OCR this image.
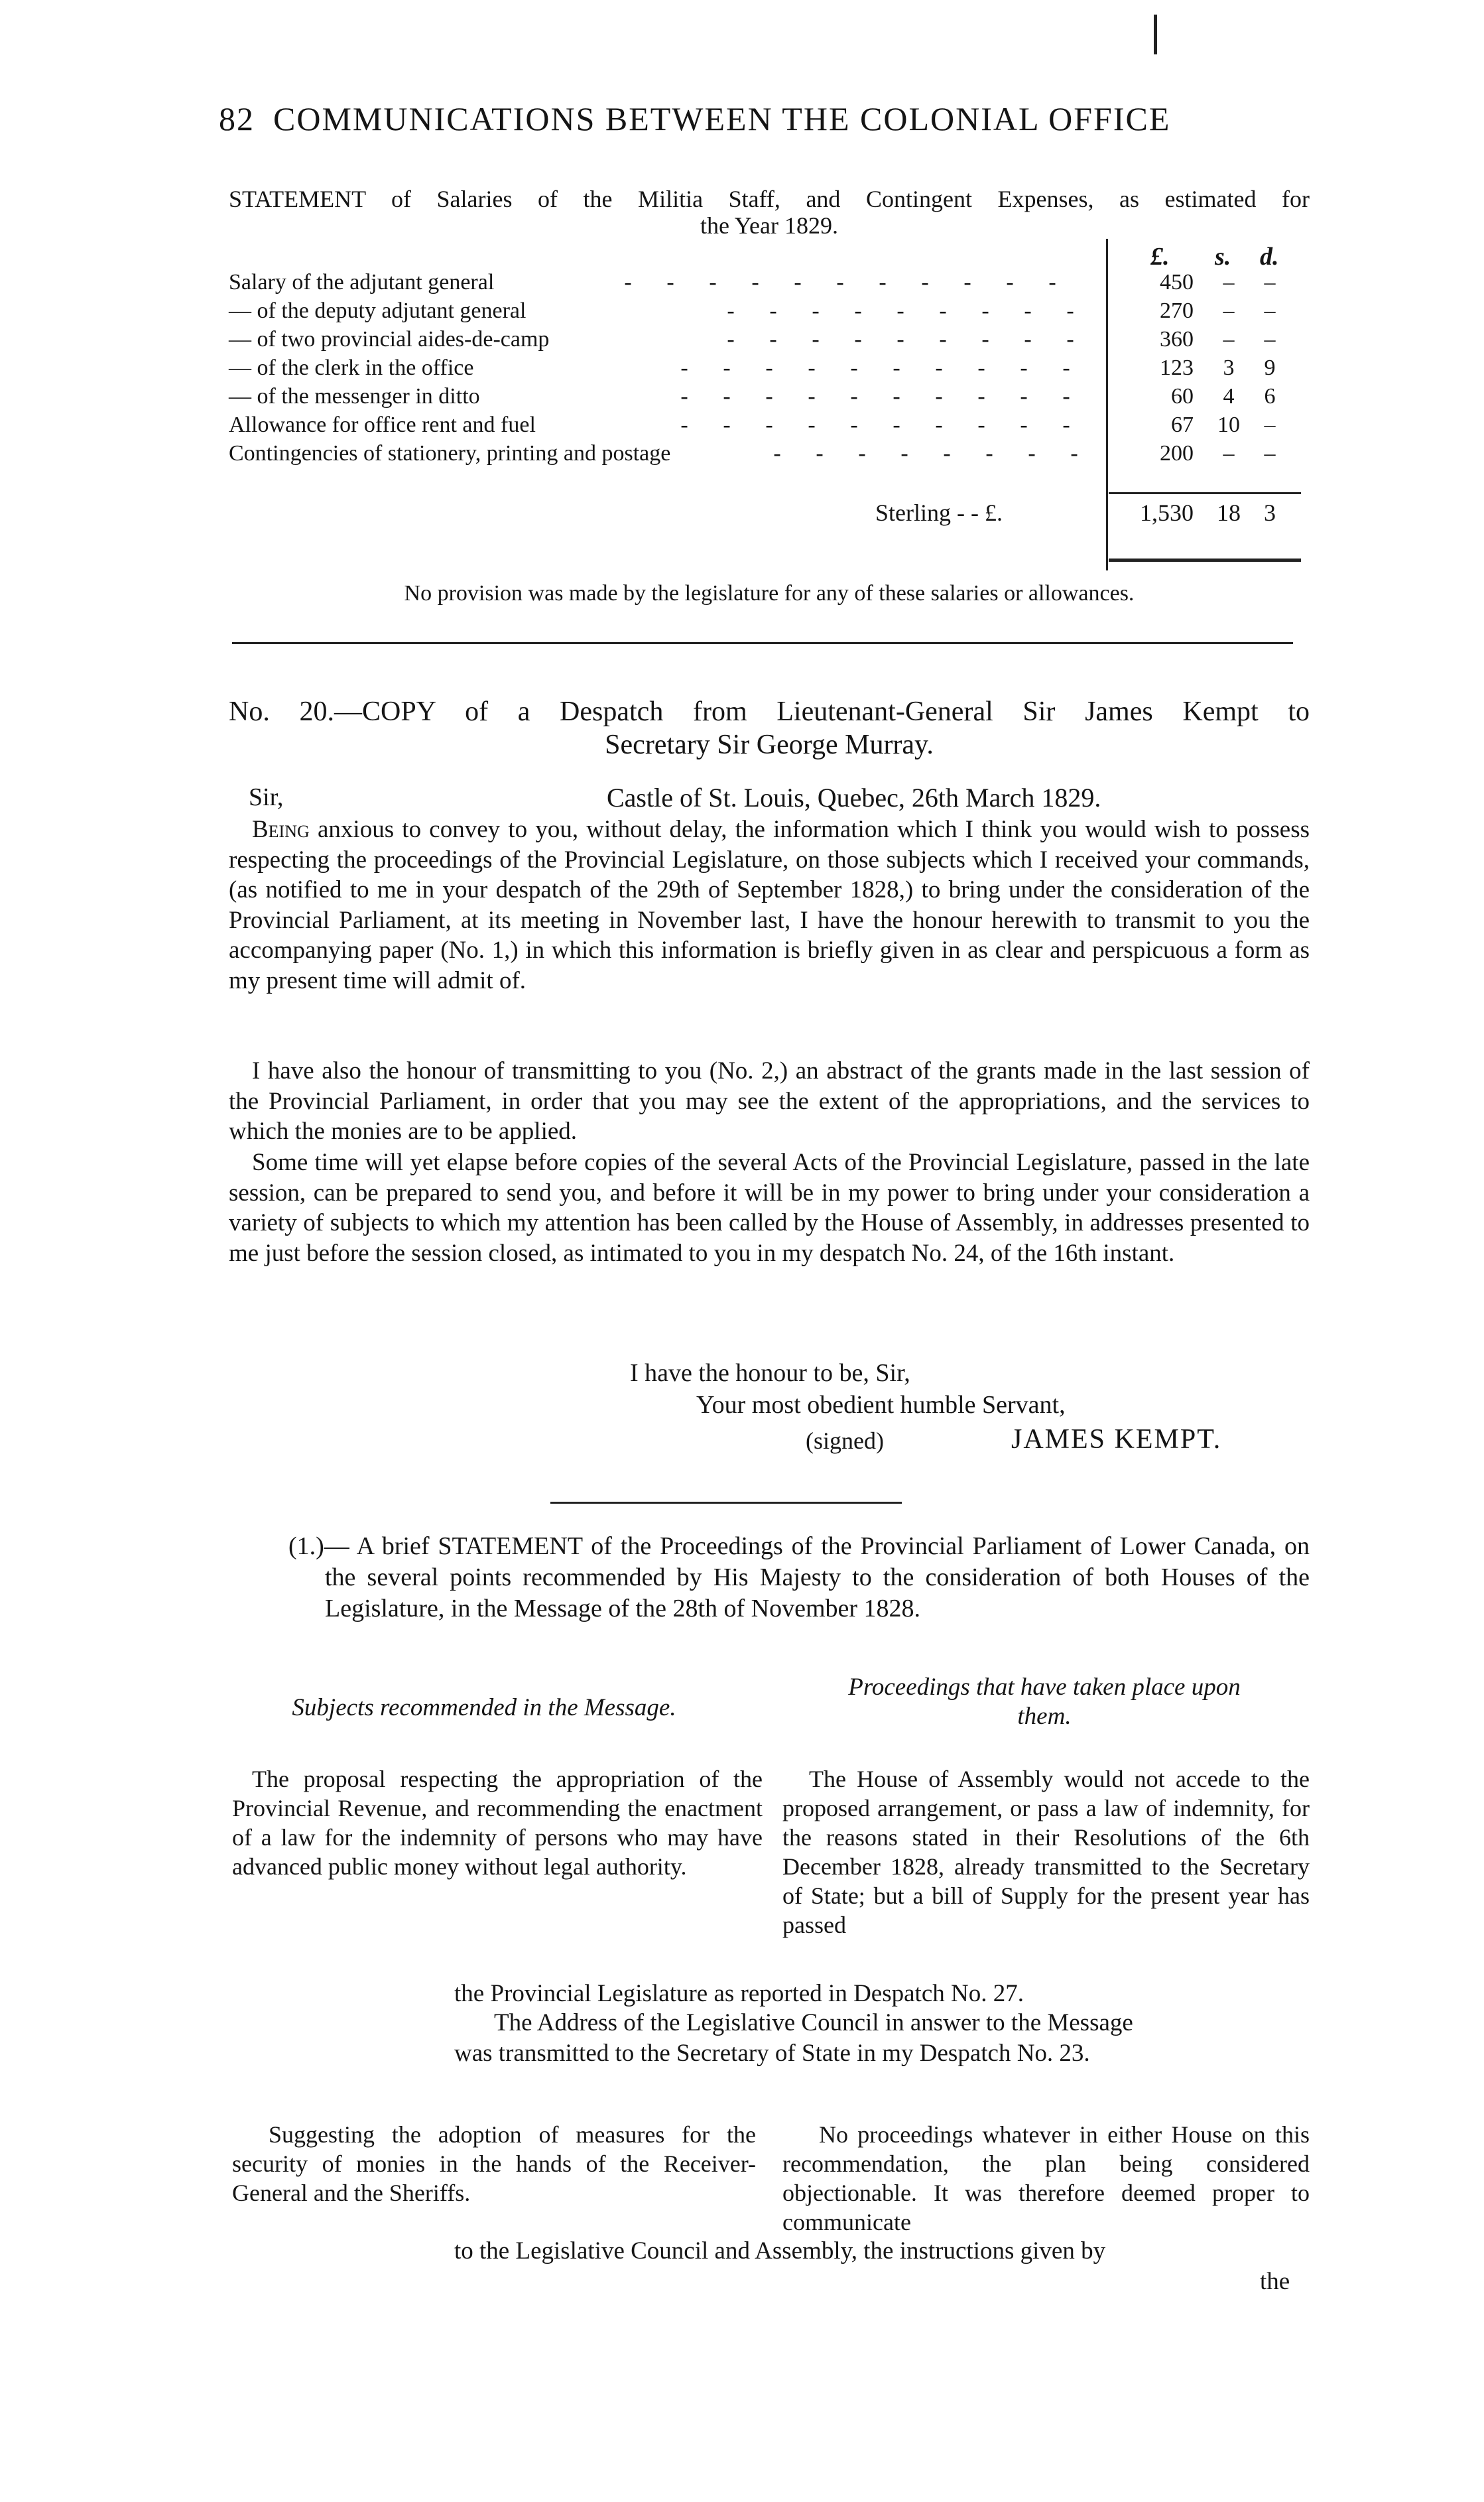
82 COMMUNICATIONS BETWEEN THE COLONIAL OFFICE
STATEMENT of Salaries of the Militia Staff, and Contingent Expenses, as estimated for
the Year 1829.
£. s. d.
Salary of the adjutant general	- - - - - - - - - - -	450	–	–
— of the deputy adjutant general	- - - - - - - - -	270	–	–
— of two provincial aides-de-camp	- - - - - - - - -	360	–	–
— of the clerk in the office	- - - - - - - - - -	123	3	9
— of the messenger in ditto	- - - - - - - - - -	60	4	6
Allowance for office rent and fuel	- - - - - - - - - -	67	10	–
Contingencies of stationery, printing and postage	- - - - - - - -	200	–	–
Sterling - - £.	1,530 18 3
No provision was made by the legislature for any of these salaries or allowances.
No. 20.—COPY of a Despatch from Lieutenant-General Sir James Kempt to
Secretary Sir George Murray.
Sir,	Castle of St. Louis, Quebec, 26th March 1829.
Being anxious to convey to you, without delay, the information which I think you would wish to possess respecting the proceedings of the Provincial Legislature, on those subjects which I received your commands, (as notified to me in your despatch of the 29th of September 1828,) to bring under the consideration of the Provincial Parliament, at its meeting in November last, I have the honour herewith to transmit to you the accompanying paper (No. 1,) in which this information is briefly given in as clear and perspicuous a form as my present time will admit of.
I have also the honour of transmitting to you (No. 2,) an abstract of the grants made in the last session of the Provincial Parliament, in order that you may see the extent of the appropriations, and the services to which the monies are to be applied.
Some time will yet elapse before copies of the several Acts of the Provincial Legislature, passed in the late session, can be prepared to send you, and before it will be in my power to bring under your consideration a variety of subjects to which my attention has been called by the House of Assembly, in addresses presented to me just before the session closed, as intimated to you in my despatch No. 24, of the 16th instant.
I have the honour to be, Sir,
Your most obedient humble Servant,
(signed)	JAMES KEMPT.
(1.)— A brief STATEMENT of the Proceedings of the Provincial Parliament of Lower Canada, on the several points recommended by His Majesty to the consideration of both Houses of the Legislature, in the Message of the 28th of November 1828.
Subjects recommended in the Message.
Proceedings that have taken place upon
them.
The proposal respecting the appropriation of the Provincial Revenue, and recommending the enactment of a law for the indemnity of persons who may have advanced public money without legal authority.
The House of Assembly would not accede to the proposed arrangement, or pass a law of indemnity, for the reasons stated in their Resolutions of the 6th December 1828, already transmitted to the Secretary of State; but a bill of Supply for the present year has passed
the Provincial Legislature as reported in Despatch No. 27.
The Address of the Legislative Council in answer to the Message
was transmitted to the Secretary of State in my Despatch No. 23.
Suggesting the adoption of measures for the security of monies in the hands of the Receiver-General and the Sheriffs.
No proceedings whatever in either House on this recommendation, the plan being considered objectionable. It was therefore deemed proper to communicate
to the Legislative Council and Assembly, the instructions given by
the
